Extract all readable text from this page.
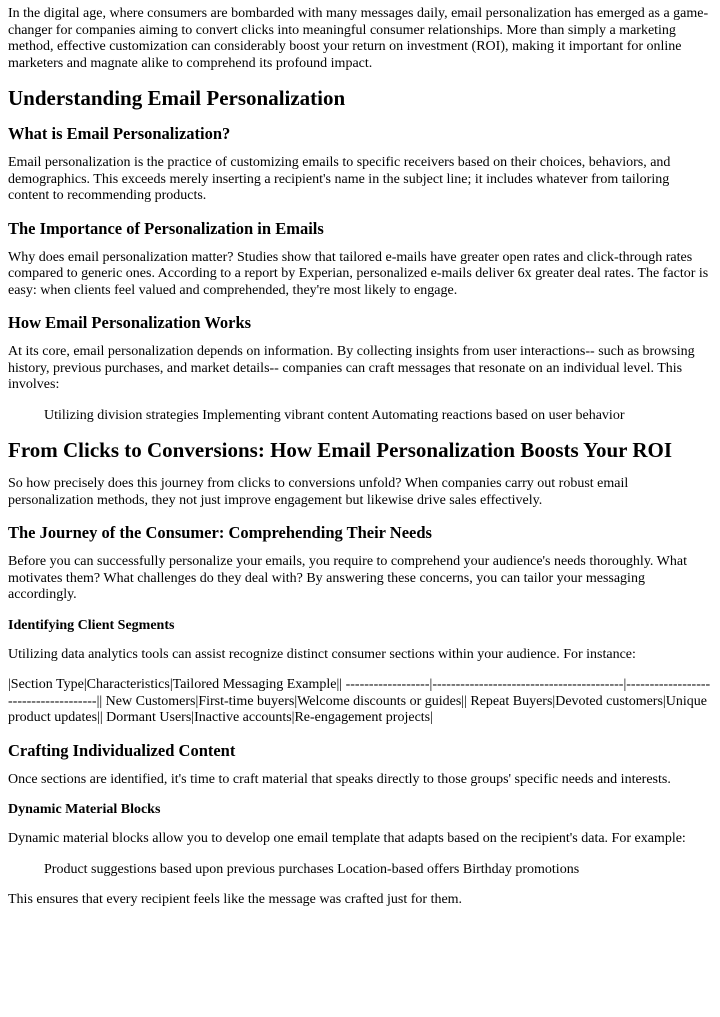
In the digital age, where consumers are bombarded with many messages daily, email personalization has emerged as a game-changer for companies aiming to convert clicks into meaningful consumer relationships. More than simply a marketing method, effective customization can considerably boost your return on investment (ROI), making it important for online marketers and magnate alike to comprehend its profound impact.

Understanding Email Personalization
What is Email Personalization?

Email personalization is the practice of customizing emails to specific receivers based on their choices, behaviors, and demographics. This exceeds merely inserting a recipient's name in the subject line; it includes whatever from tailoring content to recommending products.

The Importance of Personalization in Emails

Why does email personalization matter? Studies show that tailored e-mails have greater open rates and click-through rates compared to generic ones. According to a report by Experian, personalized e-mails deliver 6x greater deal rates. The factor is easy: when clients feel valued and comprehended, they're most likely to engage.

How Email Personalization Works

At its core, email personalization depends on information. By collecting insights from user interactions-- such as browsing history, previous purchases, and market details-- companies can craft messages that resonate on an individual level. This involves:

Utilizing division strategies Implementing vibrant content Automating reactions based on user behavior
From Clicks to Conversions: How Email Personalization Boosts Your ROI

So how precisely does this journey from clicks to conversions unfold? When companies carry out robust email personalization methods, they not just improve engagement but likewise drive sales effectively.

The Journey of the Consumer: Comprehending Their Needs

Before you can successfully personalize your emails, you require to comprehend your audience's needs thoroughly. What motivates them? What challenges do they deal with? By answering these concerns, you can tailor your messaging accordingly.

Identifying Client Segments

Utilizing data analytics tools can assist recognize distinct consumer sections within your audience. For instance:

|Section Type|Characteristics|Tailored Messaging Example|| ------------------|-----------------------------------------|-------------------------------------|| New Customers|First-time buyers|Welcome discounts or guides|| Repeat Buyers|Devoted customers|Unique product updates|| Dormant Users|Inactive accounts|Re-engagement projects|

Crafting Individualized Content

Once sections are identified, it's time to craft material that speaks directly to those groups' specific needs and interests.

Dynamic Material Blocks

Dynamic material blocks allow you to develop one email template that adapts based on the recipient's data. For example:

Product suggestions based upon previous purchases Location-based offers Birthday promotions

This ensures that every recipient feels like the message was crafted just for them.
